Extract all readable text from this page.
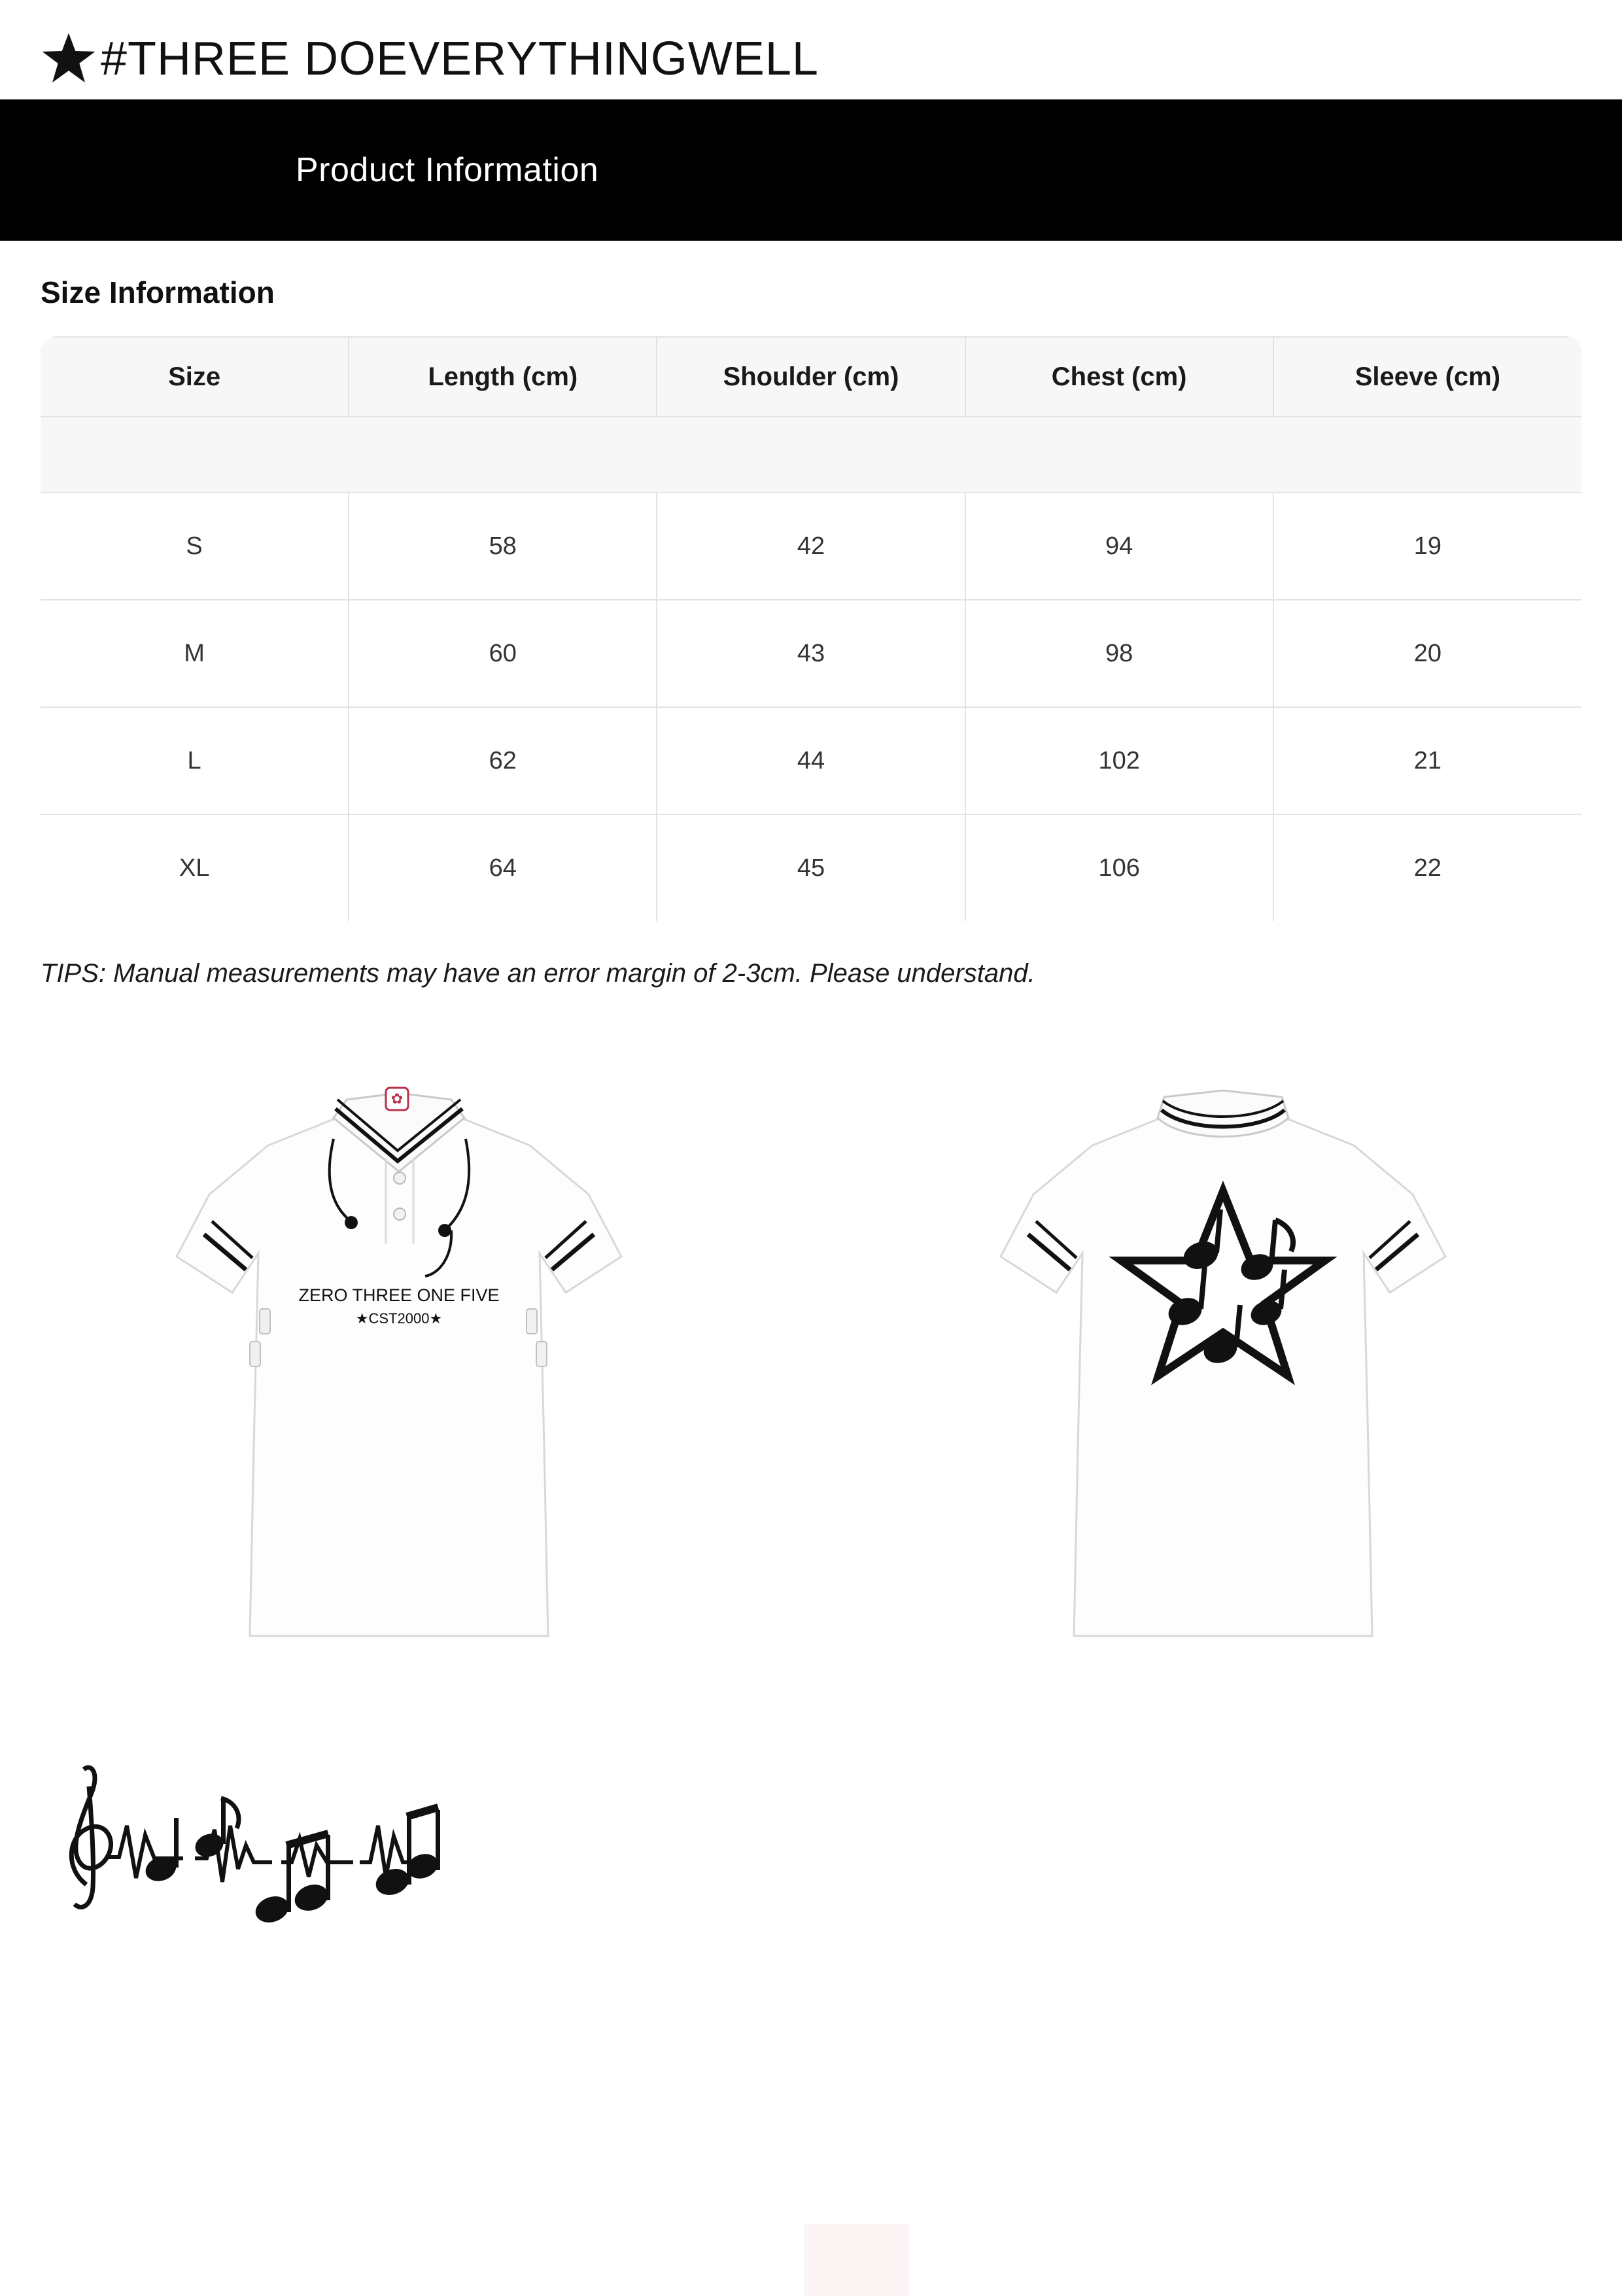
#THREE DOEVERYTHINGWELL
Product Information
Size Information

Size	Length (cm)	Shoulder (cm)	Chest (cm)	Sleeve (cm)
S	58	42	94	19
M	60	43	98	20
L	62	44	102	21
XL	64	45	106	22
TIPS: Manual measurements may have an error margin of 2-3cm. Please understand.
✿
ZERO THREE ONE FIVE
★CST2000★
